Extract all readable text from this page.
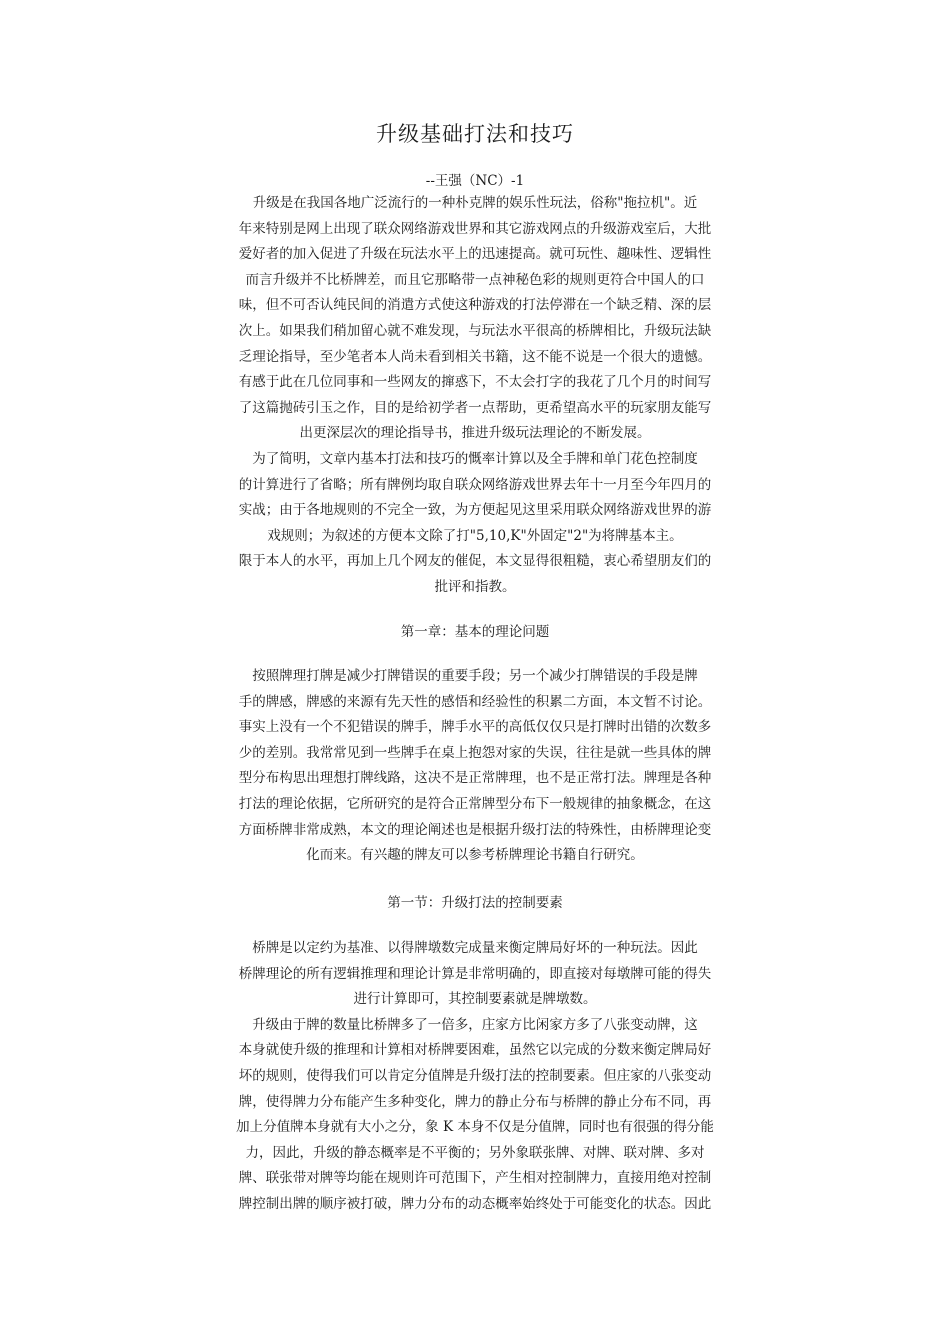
升级基础打法和技巧
--王强（NC）-1
升级是在我国各地广泛流行的一种朴克牌的娱乐性玩法，俗称"拖拉机"。近
年来特别是网上出现了联众网络游戏世界和其它游戏网点的升级游戏室后，大批
爱好者的加入促进了升级在玩法水平上的迅速提高。就可玩性、趣味性、逻辑性
而言升级并不比桥牌差，而且它那略带一点神秘色彩的规则更符合中国人的口
味，但不可否认纯民间的消遣方式使这种游戏的打法停滞在一个缺乏精、深的层
次上。如果我们稍加留心就不难发现，与玩法水平很高的桥牌相比，升级玩法缺
乏理论指导，至少笔者本人尚未看到相关书籍，这不能不说是一个很大的遗憾。
有感于此在几位同事和一些网友的撺惑下，不太会打字的我花了几个月的时间写
了这篇抛砖引玉之作，目的是给初学者一点帮助，更希望高水平的玩家朋友能写
出更深层次的理论指导书，推进升级玩法理论的不断发展。
为了简明，文章内基本打法和技巧的慨率计算以及全手牌和单门花色控制度
的计算进行了省略；所有牌例均取自联众网络游戏世界去年十一月至今年四月的
实战；由于各地规则的不完全一致，为方便起见这里采用联众网络游戏世界的游
戏规则；为叙述的方便本文除了打"5,10,K"外固定"2"为将牌基本主。
限于本人的水平，再加上几个网友的催促，本文显得很粗糙，衷心希望朋友们的
批评和指教。
第一章：基本的理论问题
按照牌理打牌是减少打牌错误的重要手段；另一个减少打牌错误的手段是牌
手的牌感，牌感的来源有先天性的感悟和经验性的积累二方面，本文暂不讨论。
事实上没有一个不犯错误的牌手，牌手水平的高低仅仅只是打牌时出错的次数多
少的差别。我常常见到一些牌手在桌上抱怨对家的失误，往往是就一些具体的牌
型分布构思出理想打牌线路，这决不是正常牌理，也不是正常打法。牌理是各种
打法的理论依据，它所研究的是符合正常牌型分布下一般规律的抽象概念，在这
方面桥牌非常成熟，本文的理论阐述也是根据升级打法的特殊性，由桥牌理论变
化而来。有兴趣的牌友可以参考桥牌理论书籍自行研究。
第一节：升级打法的控制要素
桥牌是以定约为基准、以得牌墩数完成量来衡定牌局好坏的一种玩法。因此
桥牌理论的所有逻辑推理和理论计算是非常明确的，即直接对每墩牌可能的得失
进行计算即可，其控制要素就是牌墩数。
升级由于牌的数量比桥牌多了一倍多，庄家方比闲家方多了八张变动牌，这
本身就使升级的推理和计算相对桥牌要困难，虽然它以完成的分数来衡定牌局好
坏的规则，使得我们可以肯定分值牌是升级打法的控制要素。但庄家的八张变动
牌，使得牌力分布能产生多种变化，牌力的静止分布与桥牌的静止分布不同，再
加上分值牌本身就有大小之分，象 K 本身不仅是分值牌，同时也有很强的得分能
力，因此，升级的静态概率是不平衡的；另外象联张牌、对牌、联对牌、多对
牌、联张带对牌等均能在规则许可范围下，产生相对控制牌力，直接用绝对控制
牌控制出牌的顺序被打破，牌力分布的动态概率始终处于可能变化的状态。因此
